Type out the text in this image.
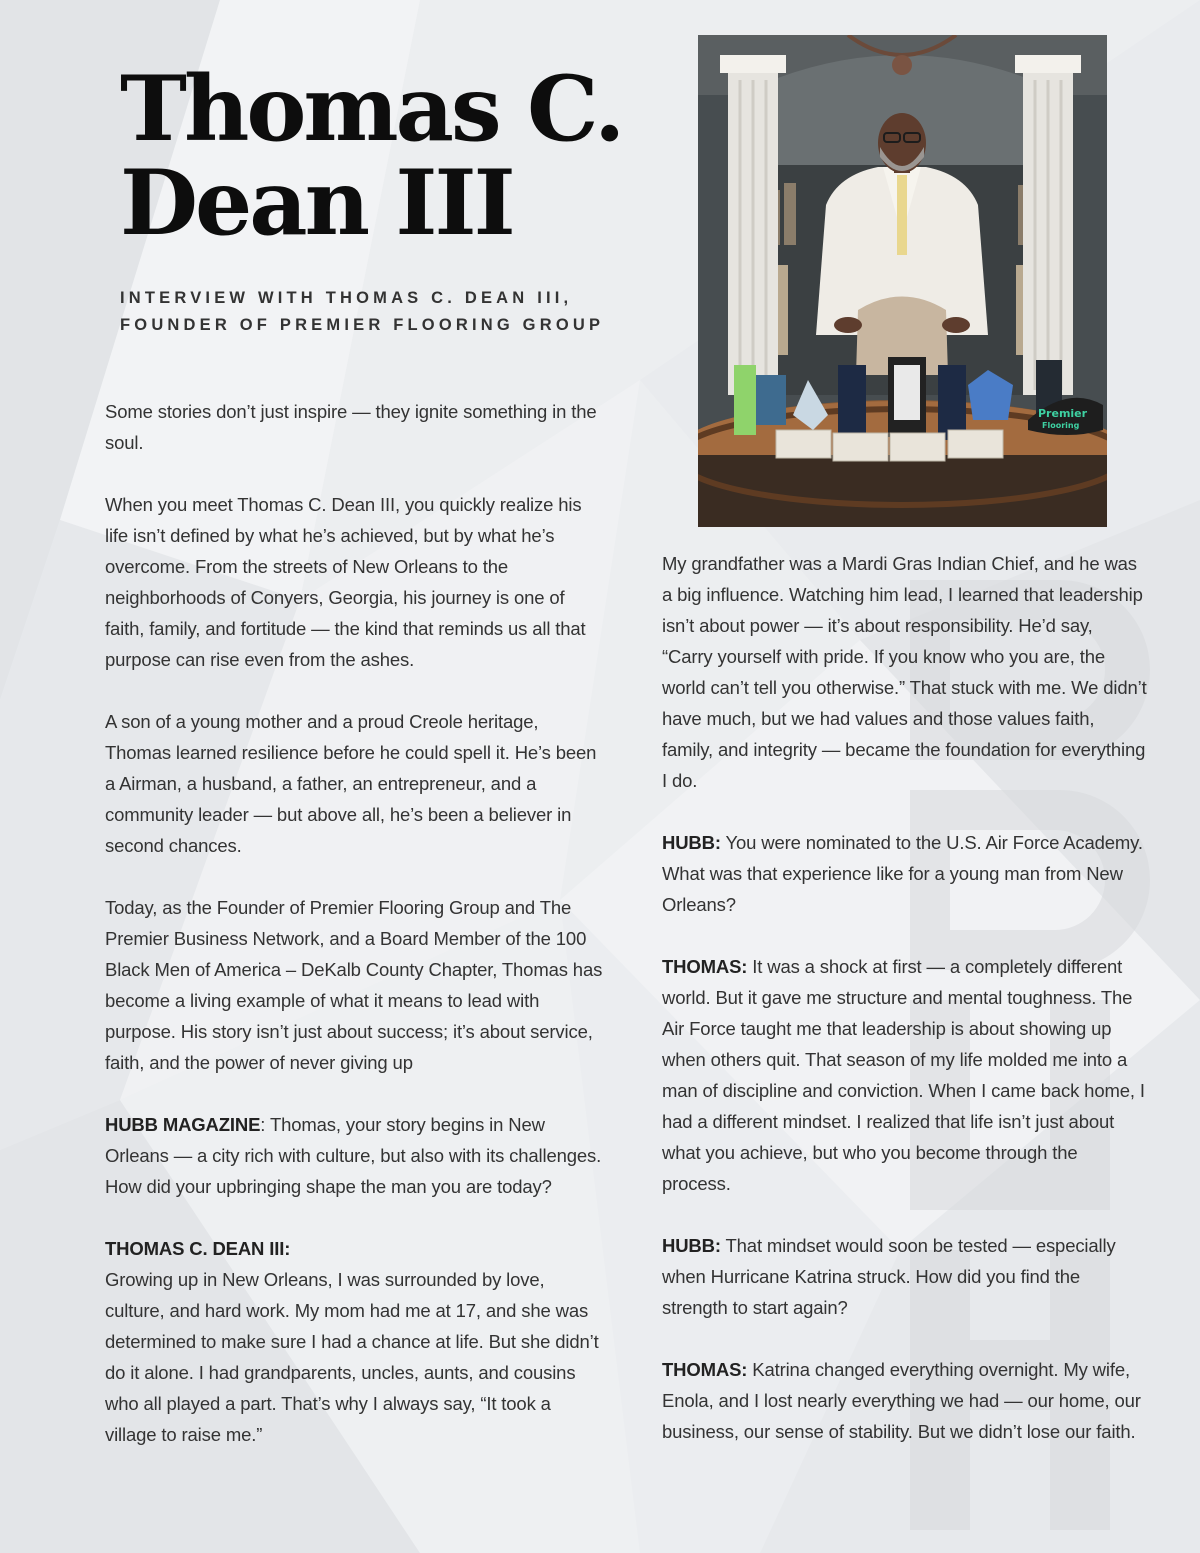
Thomas C.
Dean III
INTERVIEW WITH THOMAS C. DEAN III,
FOUNDER OF PREMIER FLOORING GROUP
Premier
Flooring

Some stories don’t just inspire — they ignite something in the soul.

When you meet Thomas C. Dean III, you quickly realize his life isn’t defined by what he’s achieved, but by what he’s overcome. From the streets of New Orleans to the neighborhoods of Conyers, Georgia, his journey is one of faith, family, and fortitude — the kind that reminds us all that purpose can rise even from the ashes.

A son of a young mother and a proud Creole heritage, Thomas learned resilience before he could spell it. He’s been a Airman, a husband, a father, an entrepreneur, and a community leader — but above all, he’s been a believer in second chances.

Today, as the Founder of Premier Flooring Group and The Premier Business Network, and a Board Member of the 100 Black Men of America – DeKalb County Chapter, Thomas has become a living example of what it means to lead with purpose. His story isn’t just about success; it’s about service, faith, and the power of never giving up

HUBB MAGAZINE: Thomas, your story begins in New Orleans — a city rich with culture, but also with its challenges. How did your upbringing shape the man you are today?

THOMAS C. DEAN III:
Growing up in New Orleans, I was surrounded by love, culture, and hard work. My mom had me at 17, and she was determined to make sure I had a chance at life. But she didn’t do it alone. I had grandparents, uncles, aunts, and cousins who all played a part. That’s why I always say, “It took a village to raise me.”

My grandfather was a Mardi Gras Indian Chief, and he was a big influence. Watching him lead, I learned that leadership isn’t about power — it’s about responsibility. He’d say, “Carry yourself with pride. If you know who you are, the world can’t tell you otherwise.” That stuck with me. We didn’t have much, but we had values and those values faith, family, and integrity — became the foundation for everything I do.

HUBB: You were nominated to the U.S. Air Force Academy. What was that experience like for a young man from New Orleans?

THOMAS: It was a shock at first — a completely different world. But it gave me structure and mental toughness. The Air Force taught me that leadership is about showing up when others quit. That season of my life molded me into a man of discipline and conviction. When I came back home, I had a different mindset. I realized that life isn’t just about what you achieve, but who you become through the process.

HUBB: That mindset would soon be tested — especially when Hurricane Katrina struck. How did you find the strength to start again?

THOMAS: Katrina changed everything overnight. My wife, Enola, and I lost nearly everything we had — our home, our business, our sense of stability. But we didn’t lose our faith.
